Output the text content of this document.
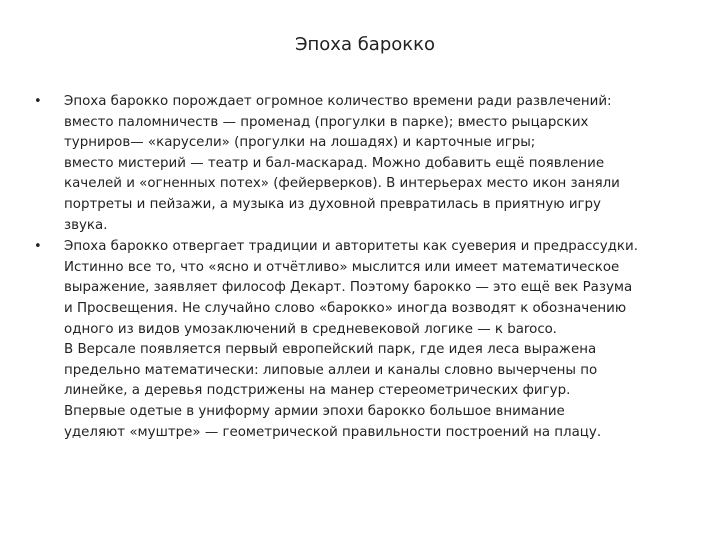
Эпоха барокко
• Эпоха барокко порождает огромное количество времени ради развлечений:
вместо паломничеств — променад (прогулки в парке); вместо рыцарских
турниров— «карусели» (прогулки на лошадях) и карточные игры;
вместо мистерий — театр и бал-маскарад. Можно добавить ещё появление
качелей и «огненных потех» (фейерверков). В интерьерах место икон заняли
портреты и пейзажи, а музыка из духовной превратилась в приятную игру
звука.
• Эпоха барокко отвергает традиции и авторитеты как суеверия и предрассудки.
Истинно все то, что «ясно и отчётливо» мыслится или имеет математическое
выражение, заявляет философ Декарт. Поэтому барокко — это ещё век Разума
и Просвещения. Не случайно слово «барокко» иногда возводят к обозначению
одного из видов умозаключений в средневековой логике — к baroco.
В Версале появляется первый европейский парк, где идея леса выражена
предельно математически: липовые аллеи и каналы словно вычерчены по
линейке, а деревья подстрижены на манер стереометрических фигур.
Впервые одетые в униформу армии эпохи барокко большое внимание
уделяют «муштре» — геометрической правильности построений на плацу.
